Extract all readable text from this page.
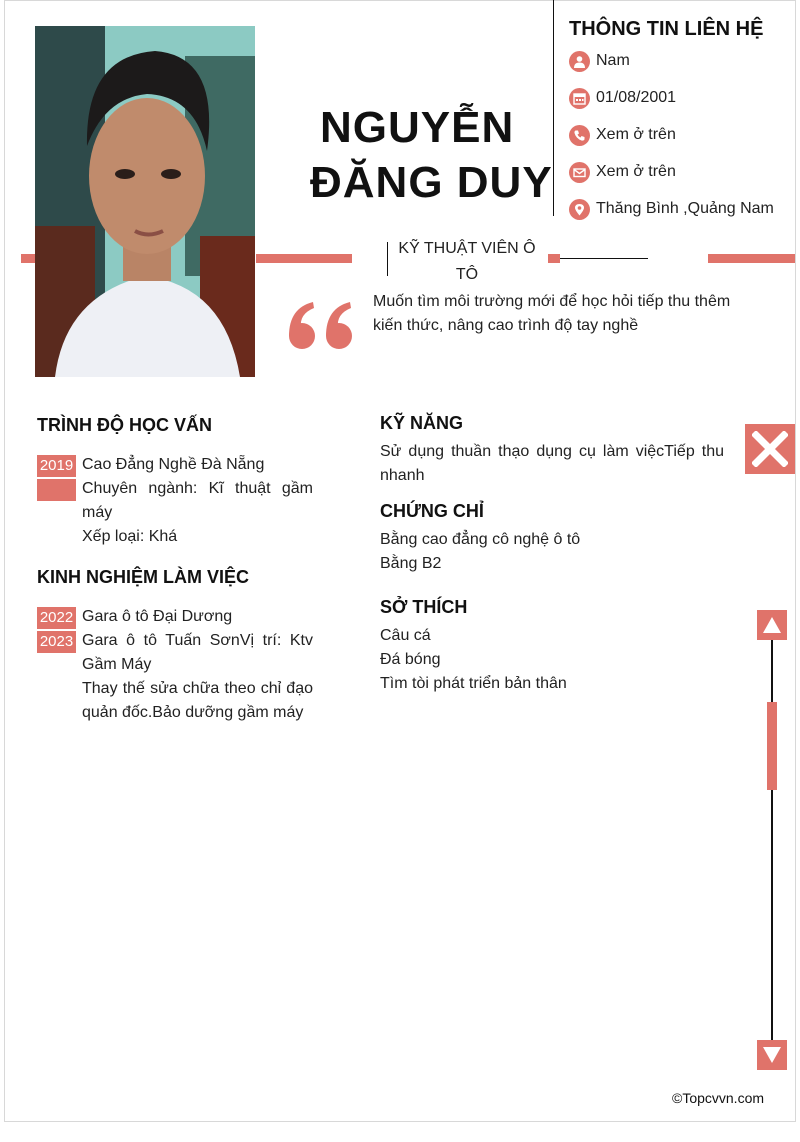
NGUYỄN
ĐĂNG DUY
THÔNG TIN LIÊN HỆ
Nam
01/08/2001
Xem ở trên
Xem ở trên
Thăng Bình ,Quảng Nam
KỸ THUẬT VIÊN Ô TÔ
Muốn tìm môi trường mới để học hỏi tiếp thu thêm kiến thức, nâng cao trình độ tay nghề
TRÌNH ĐỘ HỌC VẤN
2019 Cao Đẳng Nghề Đà Nẵng
Chuyên ngành: Kĩ thuật gầm máy
Xếp loại: Khá
KINH NGHIỆM LÀM VIỆC
2022
2023
Gara ô tô Đại Dương
Gara ô tô Tuấn SơnVị trí: Ktv Gầm Máy
Thay thế sửa chữa theo chỉ đạo quản đốc.Bảo dưỡng gầm máy
KỸ NĂNG
Sử dụng thuần thạo dụng cụ làm việcTiếp thu nhanh
CHỨNG CHỈ
Bằng cao đẳng cô nghệ ô tô
Bằng B2
SỞ THÍCH
Câu cá
Đá bóng
Tìm tòi phát triển bản thân
©Topcvvn.com
